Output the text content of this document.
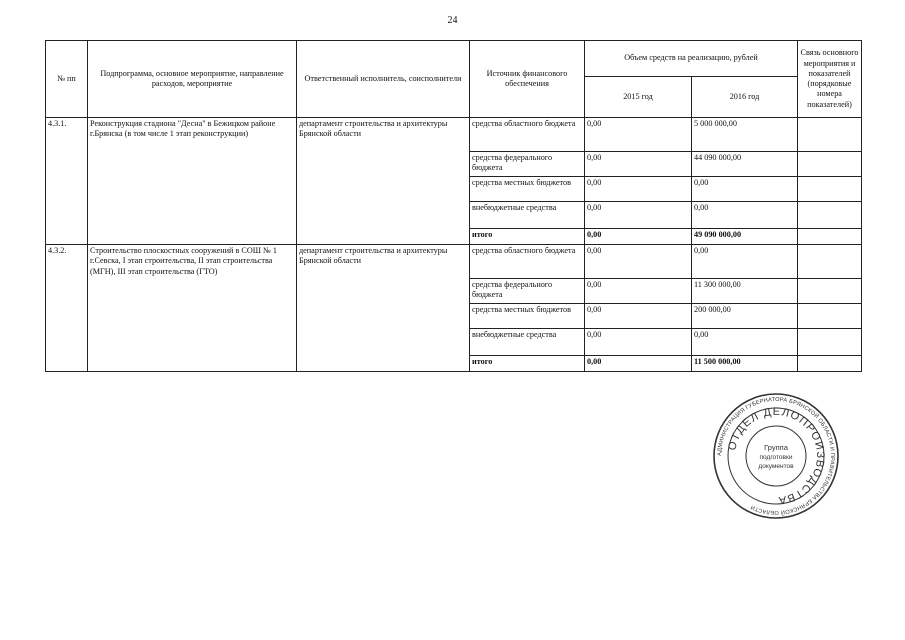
24
№ пп	Подпрограмма, основное мероприятие, направление расходов, мероприятие	Ответственный исполнитель, соисполнители	Источник финансового обеспечения	Объем средств на реализацию, рублей		Связь основного мероприятия и показателей (порядковые номера показателей)
				2015 год	2016 год	
4.3.1.	Реконструкция стадиона "Десна" в Бежицком районе г.Брянска (в том числе 1 этап реконструкции)	департамент строительства и архитектуры Брянской области	средства областного бюджета	0,00	5 000 000,00	
			средства федерального бюджета	0,00	44 090 000,00	
			средства местных бюджетов	0,00	0,00	
			внебюджетные средства	0,00	0,00	
			итого	0,00	49 090 000,00	
4.3.2.	Строительство плоскостных сооружений в СОШ № 1 г.Севска, I этап строительства, II этап строительства (МГН), III этап строительства (ГТО)	департамент строительства и архитектуры Брянской области	средства областного бюджета	0,00	0,00	
			средства федерального бюджета	0,00	11 300 000,00	
			средства местных бюджетов	0,00	200 000,00	
			внебюджетные средства	0,00	0,00	
			итого	0,00	11 500 000,00	
АДМИНИСТРАЦИЯ ГУБЕРНАТОРА БРЯНСКОЙ ОБЛАСТИ И ПРАВИТЕЛЬСТВА БРЯНСКОЙ ОБЛАСТИ
ОТДЕЛ ДЕЛОПРОИЗВОДСТВА
Группа
подготовки
документов
